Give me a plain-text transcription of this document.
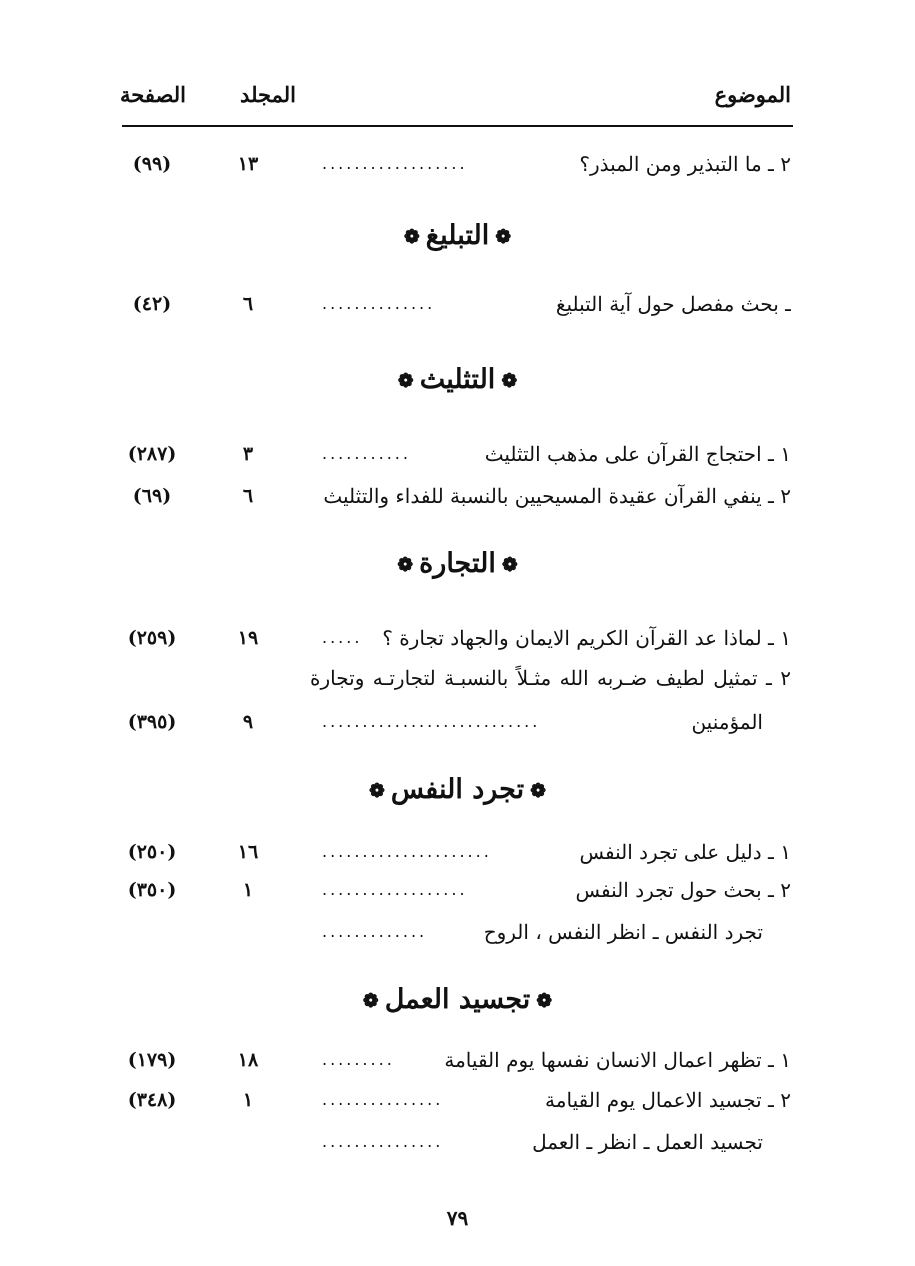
الموضوع
المجلد
الصفحة
٢ ـ ما التبذير ومن المبذر؟
..................
١٣
(٩٩)
❁التبليغ❁
ـ بحث مفصل حول آية التبليغ
..............
٦
(٤٢)
❁التثليث❁
١ ـ احتجاج القرآن على مذهب التثليث
...........
٣
(٢٨٧)
٢ ـ ينفي القرآن عقيدة المسيحيين بالنسبة للفداء والتثليث
٦
(٦٩)
❁التجارة❁
١ ـ لماذا عد القرآن الكريم الايمان والجهاد تجارة ؟
.....
١٩
(٢٥٩)
٢ ـ تمثيل لطيف ضـربه الله مثـلاً بالنسبـة لتجارتـه وتجارة
المؤمنين
...........................
٩
(٣٩٥)
❁تجرد النفس❁
١ ـ دليل على تجرد النفس
.....................
١٦
(٢٥٠)
٢ ـ بحث حول تجرد النفس
..................
١
(٣٥٠)
تجرد النفس ـ انظر النفس ، الروح
.............
❁تجسيد العمل❁
١ ـ تظهر اعمال الانسان نفسها يوم القيامة
.........
١٨
(١٧٩)
٢ ـ تجسيد الاعمال يوم القيامة
...............
١
(٣٤٨)
تجسيد العمل ـ انظر ـ العمل
...............
٧٩
